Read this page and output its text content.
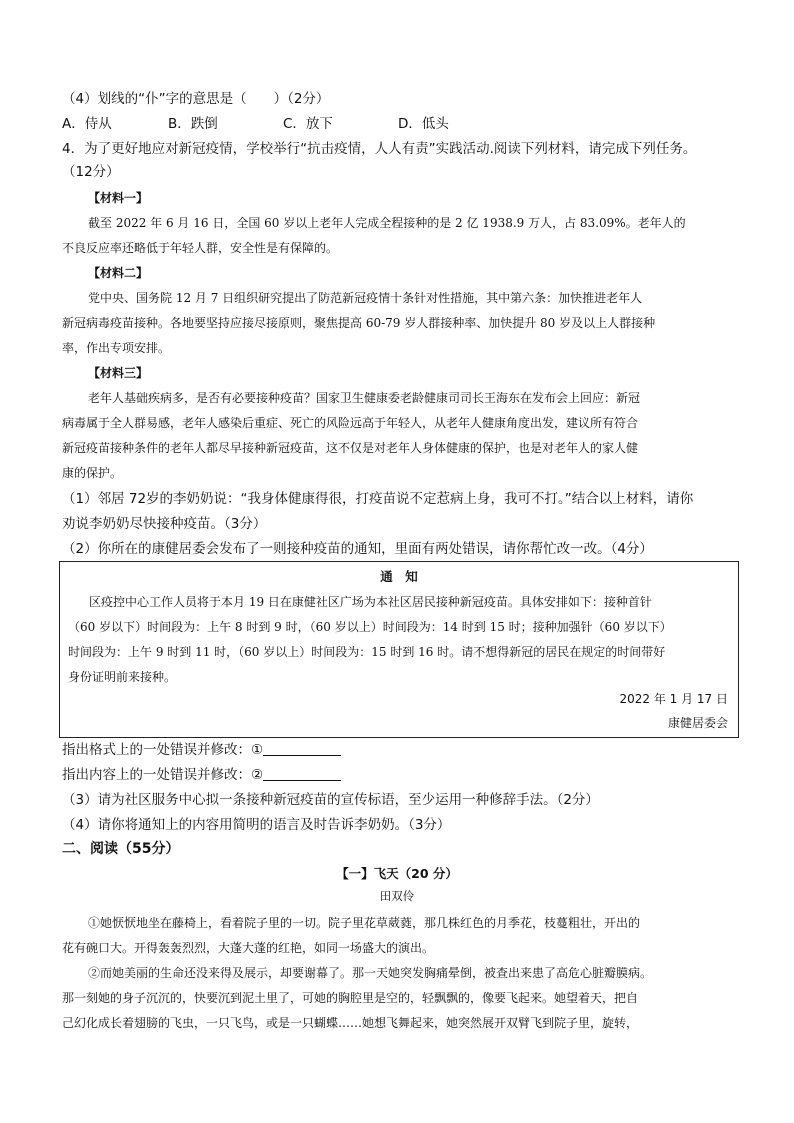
（4）划线的“仆”字的意思是（　　）（2分）
A．侍从	B．跌倒	C．放下	D．低头
4．为了更好地应对新冠疫情，学校举行“抗击疫情，人人有责”实践活动.阅读下列材料，请完成下列任务。
（12分）
【材料一】
截至 2022 年 6 月 16 日，全国 60 岁以上老年人完成全程接种的是 2 亿 1938.9 万人，占 83.09%。老年人的
不良反应率还略低于年轻人群，安全性是有保障的。
【材料二】
党中央、国务院 12 月 7 日组织研究提出了防范新冠疫情十条针对性措施，其中第六条：加快推进老年人
新冠病毒疫苗接种。各地要坚持应接尽接原则，聚焦提高 60-79 岁人群接种率、加快提升 80 岁及以上人群接种
率，作出专项安排。
【材料三】
老年人基础疾病多，是否有必要接种疫苗？国家卫生健康委老龄健康司司长王海东在发布会上回应：新冠
病毒属于全人群易感，老年人感染后重症、死亡的风险远高于年轻人，从老年人健康角度出发，建议所有符合
新冠疫苗接种条件的老年人都尽早接种新冠疫苗，这不仅是对老年人身体健康的保护，也是对老年人的家人健
康的保护。
（1）邻居 72岁的李奶奶说：“我身体健康得很，打疫苗说不定惹病上身，我可不打。”结合以上材料，请你
劝说李奶奶尽快接种疫苗。（3分）
（2）你所在的康健居委会发布了一则接种疫苗的通知，里面有两处错误，请你帮忙改一改。（4分）
通　知
区疫控中心工作人员将于本月 19 日在康健社区广场为本社区居民接种新冠疫苗。具体安排如下：接种首针
（60 岁以下）时间段为：上午 8 时到 9 时，（60 岁以上）时间段为：14 时到 15 时；接种加强针（60 岁以下）
时间段为：上午 9 时到 11 时，（60 岁以上）时间段为：15 时到 16 时。请不想得新冠的居民在规定的时间带好
身份证明前来接种。
2022 年 1 月 17 日
康健居委会
指出格式上的一处错误并修改：①
指出内容上的一处错误并修改：②
（3）请为社区服务中心拟一条接种新冠疫苗的宣传标语，至少运用一种修辞手法。（2分）
（4）请你将通知上的内容用简明的语言及时告诉李奶奶。（3分）
二、阅读（55分）
【一】飞天（20 分）
田双伶
①她恹恹地坐在藤椅上，看着院子里的一切。院子里花草葳蕤，那几株红色的月季花，枝蔓粗壮，开出的
花有碗口大。开得轰轰烈烈，大蓬大蓬的红艳，如同一场盛大的演出。
②而她美丽的生命还没来得及展示，却要谢幕了。那一天她突发胸痛晕倒，被查出来患了高危心脏瓣膜病。
那一刻她的身子沉沉的，快要沉到泥土里了，可她的胸腔里是空的，轻飘飘的，像要飞起来。她望着天，把自
己幻化成长着翅膀的飞虫，一只飞鸟，或是一只蝴蝶……她想飞舞起来，她突然展开双臂飞到院子里，旋转，
